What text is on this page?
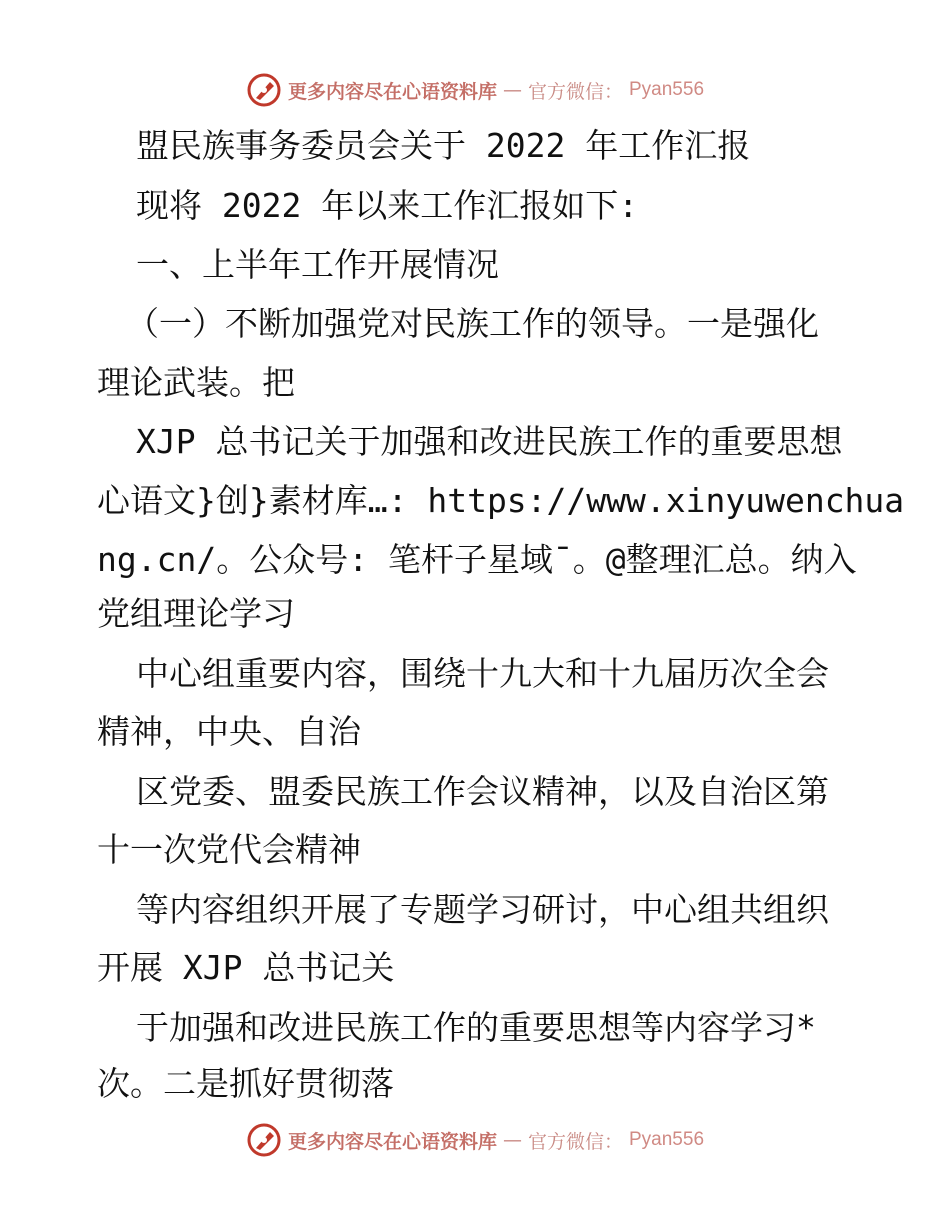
更多内容尽在心语资料库 — 官方微信： Pyan556
盟民族事务委员会关于 2022 年工作汇报
现将 2022 年以来工作汇报如下:
一、上半年工作开展情况
（一）不断加强党对民族工作的领导。一是强化
理论武装。把
XJP 总书记关于加强和改进民族工作的重要思想
心语文}创}素材库…: https://www.xinyuwenchua
ng.cn/。公众号: 笔杆子星域¯。@整理汇总。纳入
党组理论学习
中心组重要内容，围绕十九大和十九届历次全会
精神，中央、自治
区党委、盟委民族工作会议精神，以及自治区第
十一次党代会精神
等内容组织开展了专题学习研讨，中心组共组织
开展 XJP 总书记关
于加强和改进民族工作的重要思想等内容学习*
次。二是抓好贯彻落
更多内容尽在心语资料库 — 官方微信： Pyan556
